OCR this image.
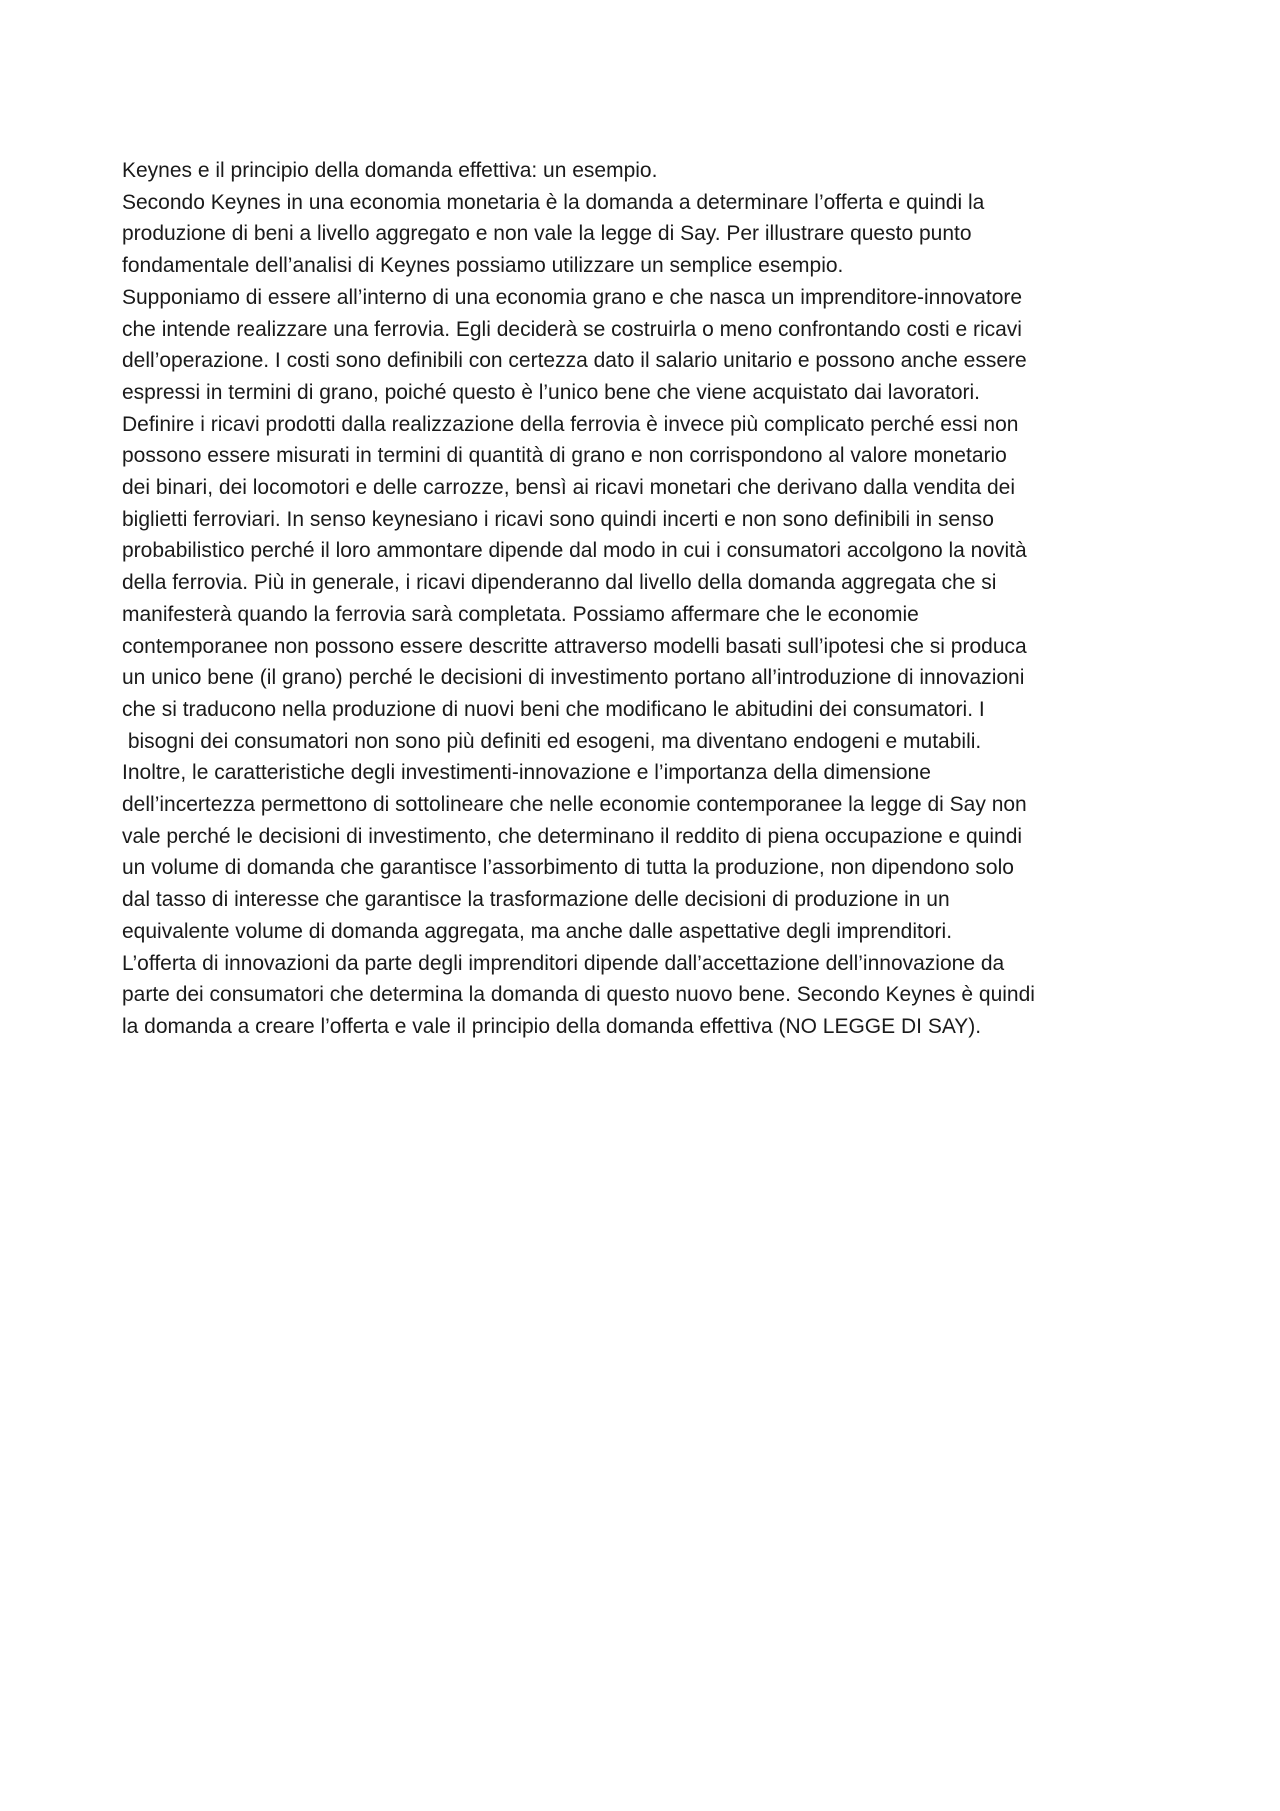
Keynes e il principio della domanda effettiva: un esempio.
Secondo Keynes in una economia monetaria è la domanda a determinare l’offerta e quindi la
produzione di beni a livello aggregato e non vale la legge di Say. Per illustrare questo punto
fondamentale dell’analisi di Keynes possiamo utilizzare un semplice esempio.
Supponiamo di essere all’interno di una economia grano e che nasca un imprenditore-innovatore
che intende realizzare una ferrovia. Egli deciderà se costruirla o meno confrontando costi e ricavi
dell’operazione. I costi sono definibili con certezza dato il salario unitario e possono anche essere
espressi in termini di grano, poiché questo è l’unico bene che viene acquistato dai lavoratori.
Definire i ricavi prodotti dalla realizzazione della ferrovia è invece più complicato perché essi non
possono essere misurati in termini di quantità di grano e non corrispondono al valore monetario
dei binari, dei locomotori e delle carrozze, bensì ai ricavi monetari che derivano dalla vendita dei
biglietti ferroviari. In senso keynesiano i ricavi sono quindi incerti e non sono definibili in senso
probabilistico perché il loro ammontare dipende dal modo in cui i consumatori accolgono la novità
della ferrovia. Più in generale, i ricavi dipenderanno dal livello della domanda aggregata che si
manifesterà quando la ferrovia sarà completata. Possiamo affermare che le economie
contemporanee non possono essere descritte attraverso modelli basati sull’ipotesi che si produca
un unico bene (il grano) perché le decisioni di investimento portano all’introduzione di innovazioni
che si traducono nella produzione di nuovi beni che modificano le abitudini dei consumatori. I
bisogni dei consumatori non sono più definiti ed esogeni, ma diventano endogeni e mutabili.
Inoltre, le caratteristiche degli investimenti-innovazione e l’importanza della dimensione
dell’incertezza permettono di sottolineare che nelle economie contemporanee la legge di Say non
vale perché le decisioni di investimento, che determinano il reddito di piena occupazione e quindi
un volume di domanda che garantisce l’assorbimento di tutta la produzione, non dipendono solo
dal tasso di interesse che garantisce la trasformazione delle decisioni di produzione in un
equivalente volume di domanda aggregata, ma anche dalle aspettative degli imprenditori.
L’offerta di innovazioni da parte degli imprenditori dipende dall’accettazione dell’innovazione da
parte dei consumatori che determina la domanda di questo nuovo bene. Secondo Keynes è quindi
la domanda a creare l’offerta e vale il principio della domanda effettiva (NO LEGGE DI SAY).
